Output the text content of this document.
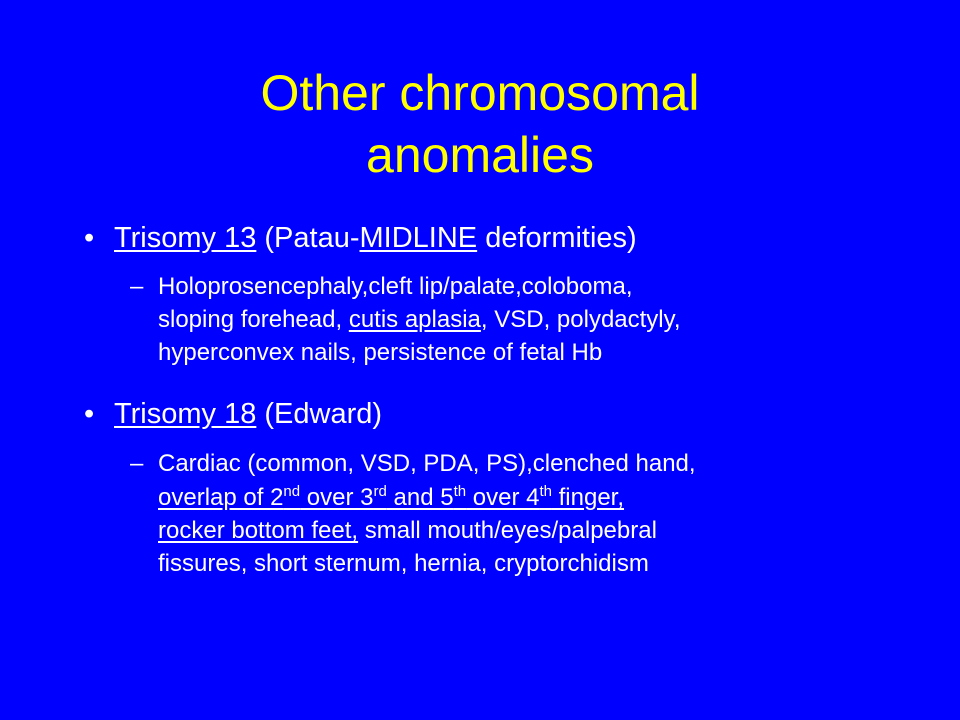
Other chromosomal
anomalies
• Trisomy 13 (Patau-MIDLINE deformities)
– Holoprosencephaly,cleft lip/palate,coloboma,
sloping forehead, cutis aplasia, VSD, polydactyly,
hyperconvex nails, persistence of fetal Hb
• Trisomy 18 (Edward)
– Cardiac (common, VSD, PDA, PS),clenched hand,
overlap of 2nd over 3rd and 5th over 4th finger,
rocker bottom feet, small mouth/eyes/palpebral
fissures, short sternum, hernia, cryptorchidism
